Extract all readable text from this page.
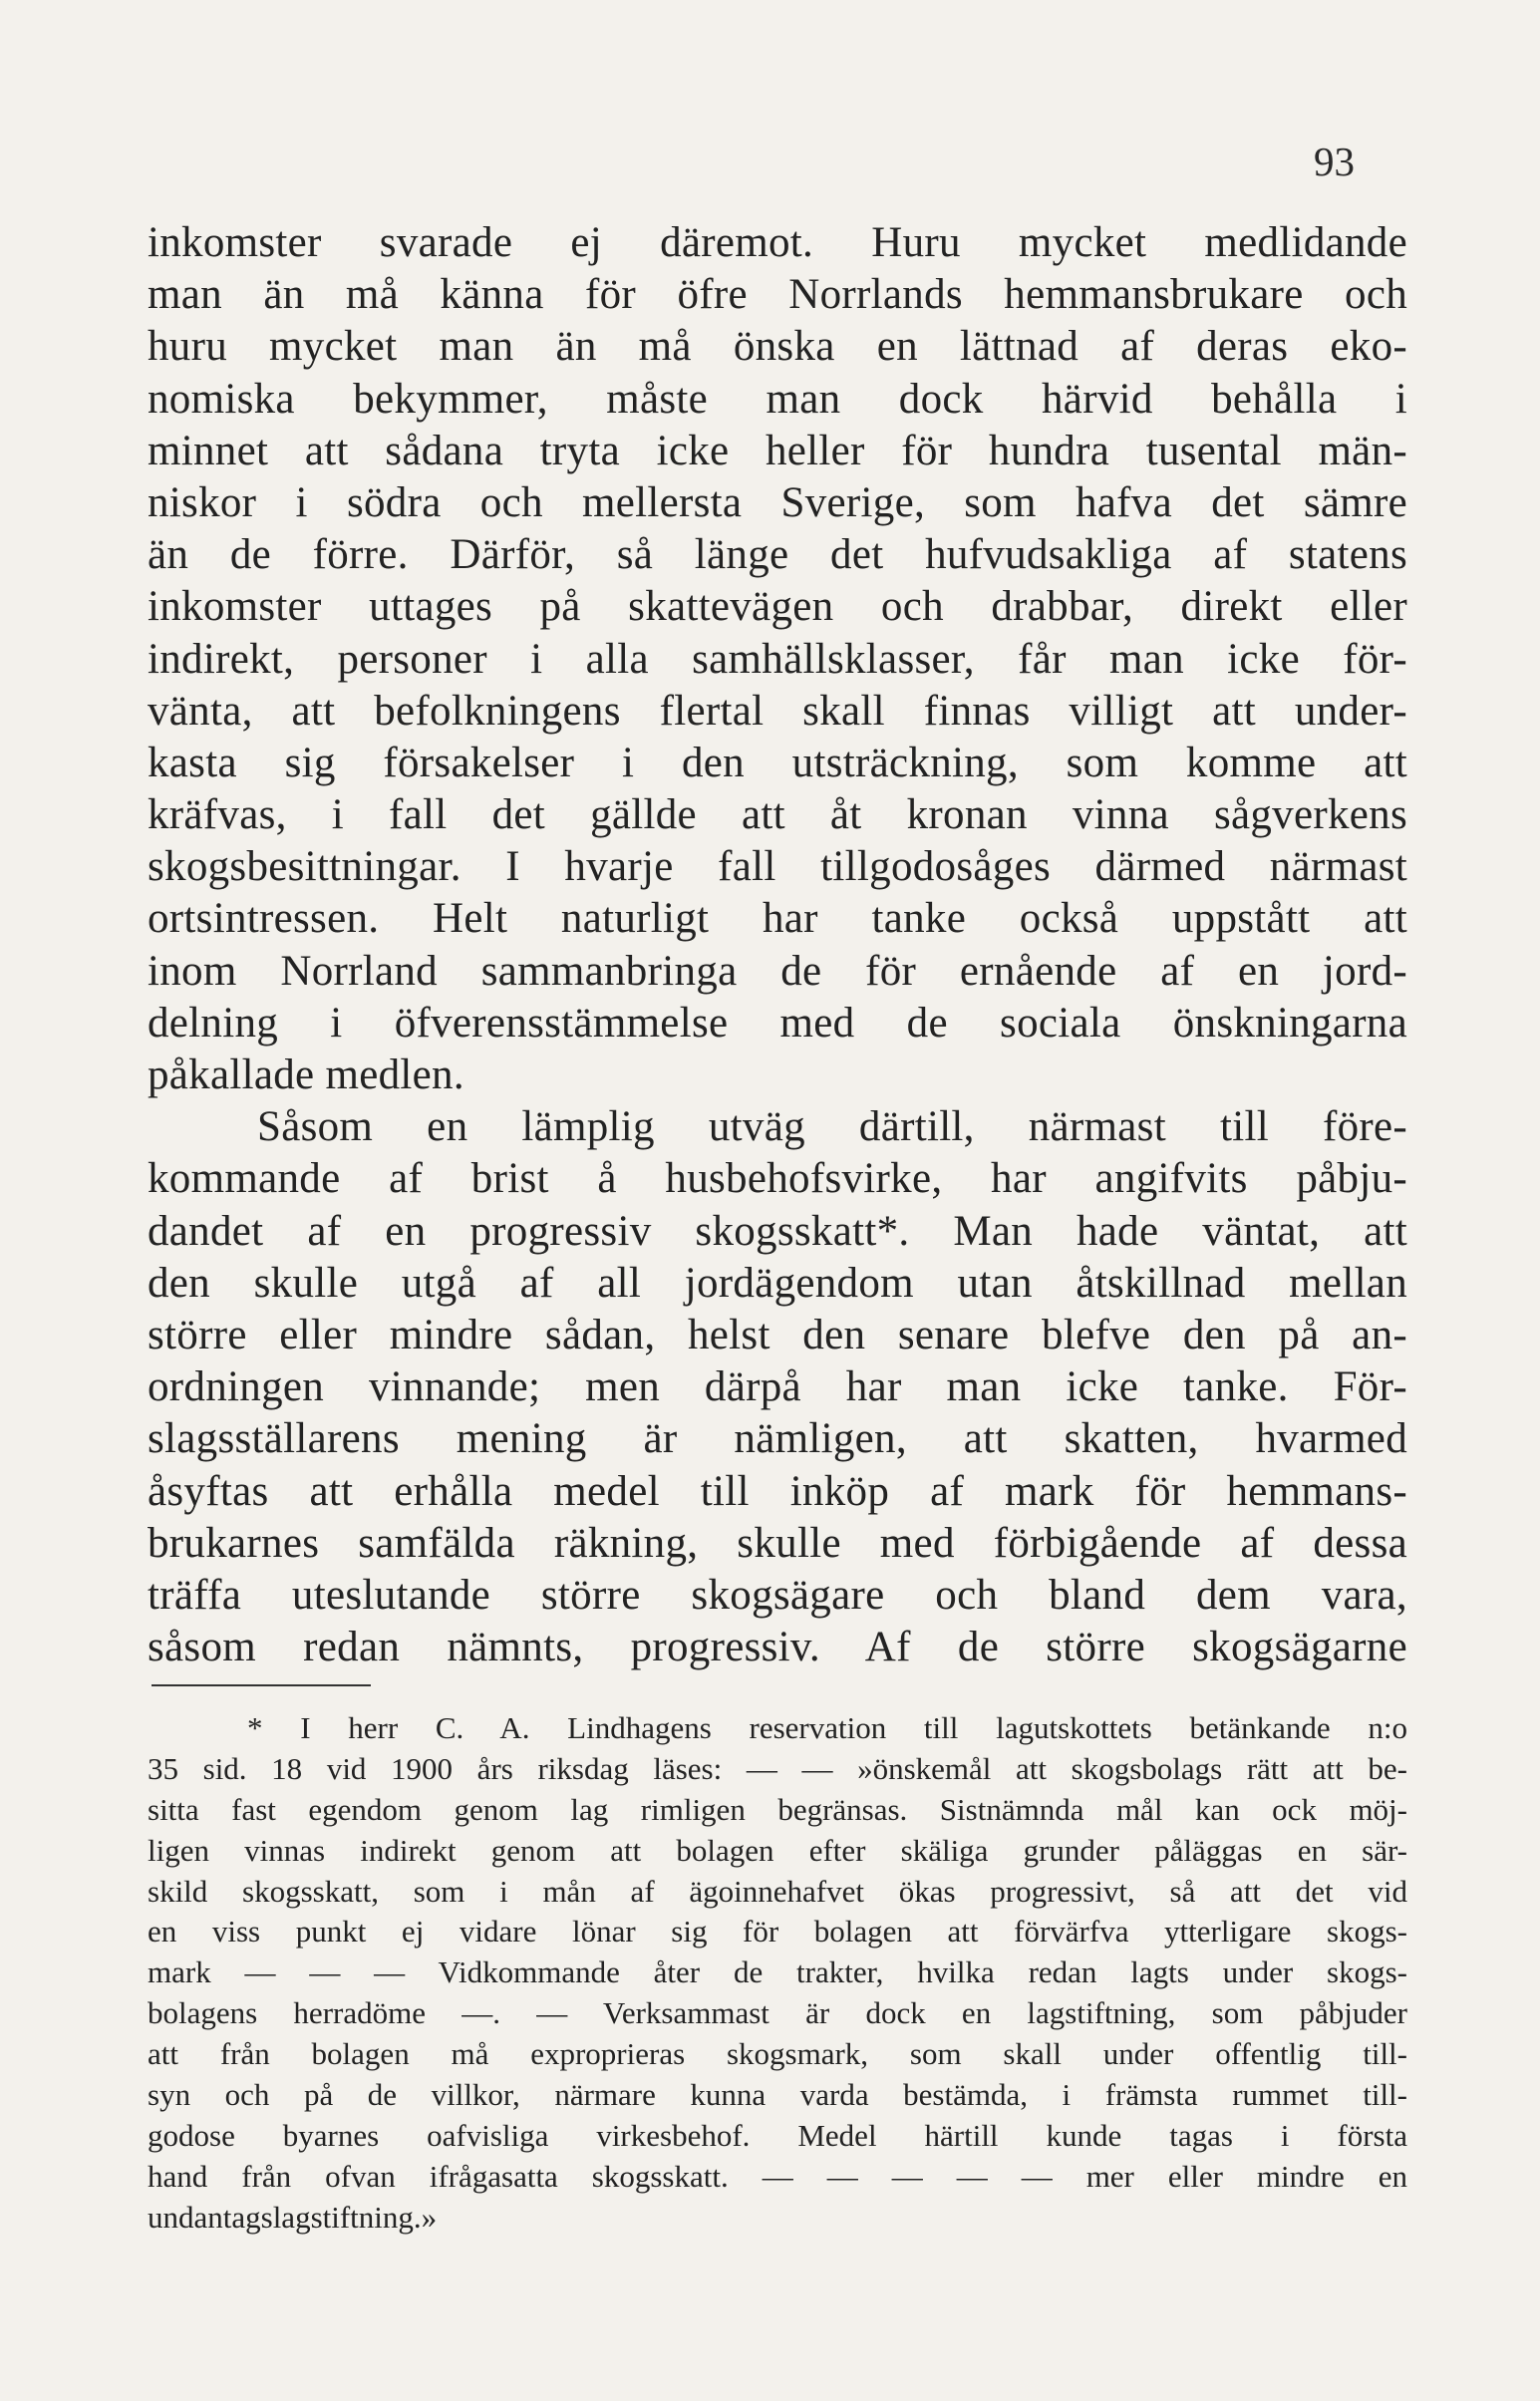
93
inkomster svarade ej däremot. Huru mycket medlidande
man än må känna för öfre Norrlands hemmansbrukare och
huru mycket man än må önska en lättnad af deras eko-
nomiska bekymmer, måste man dock härvid behålla i
minnet att sådana tryta icke heller för hundra tusental män-
niskor i södra och mellersta Sverige, som hafva det sämre
än de förre. Därför, så länge det hufvudsakliga af statens
inkomster uttages på skattevägen och drabbar, direkt eller
indirekt, personer i alla samhällsklasser, får man icke för-
vänta, att befolkningens flertal skall finnas villigt att under-
kasta sig försakelser i den utsträckning, som komme att
kräfvas, i fall det gällde att åt kronan vinna sågverkens
skogsbesittningar. I hvarje fall tillgodosåges därmed närmast
ortsintressen. Helt naturligt har tanke också uppstått att
inom Norrland sammanbringa de för ernående af en jord-
delning i öfverensstämmelse med de sociala önskningarna
påkallade medlen.
Såsom en lämplig utväg därtill, närmast till före-
kommande af brist å husbehofsvirke, har angifvits påbju-
dandet af en progressiv skogsskatt*. Man hade väntat, att
den skulle utgå af all jordägendom utan åtskillnad mellan
större eller mindre sådan, helst den senare blefve den på an-
ordningen vinnande; men därpå har man icke tanke. För-
slagsställarens mening är nämligen, att skatten, hvarmed
åsyftas att erhålla medel till inköp af mark för hemmans-
brukarnes samfälda räkning, skulle med förbigående af dessa
träffa uteslutande större skogsägare och bland dem vara,
såsom redan nämnts, progressiv. Af de större skogsägarne
* I herr C. A. Lindhagens reservation till lagutskottets betänkande n:o
35 sid. 18 vid 1900 års riksdag läses: — — »önskemål att skogsbolags rätt att be-
sitta fast egendom genom lag rimligen begränsas. Sistnämnda mål kan ock möj-
ligen vinnas indirekt genom att bolagen efter skäliga grunder påläggas en sär-
skild skogsskatt, som i mån af ägoinnehafvet ökas progressivt, så att det vid
en viss punkt ej vidare lönar sig för bolagen att förvärfva ytterligare skogs-
mark — — — Vidkommande åter de trakter, hvilka redan lagts under skogs-
bolagens herradöme —. — Verksammast är dock en lagstiftning, som påbjuder
att från bolagen må exproprieras skogsmark, som skall under offentlig till-
syn och på de villkor, närmare kunna varda bestämda, i främsta rummet till-
godose byarnes oafvisliga virkesbehof. Medel härtill kunde tagas i första
hand från ofvan ifrågasatta skogsskatt. — — — — — mer eller mindre en
undantagslagstiftning.»
